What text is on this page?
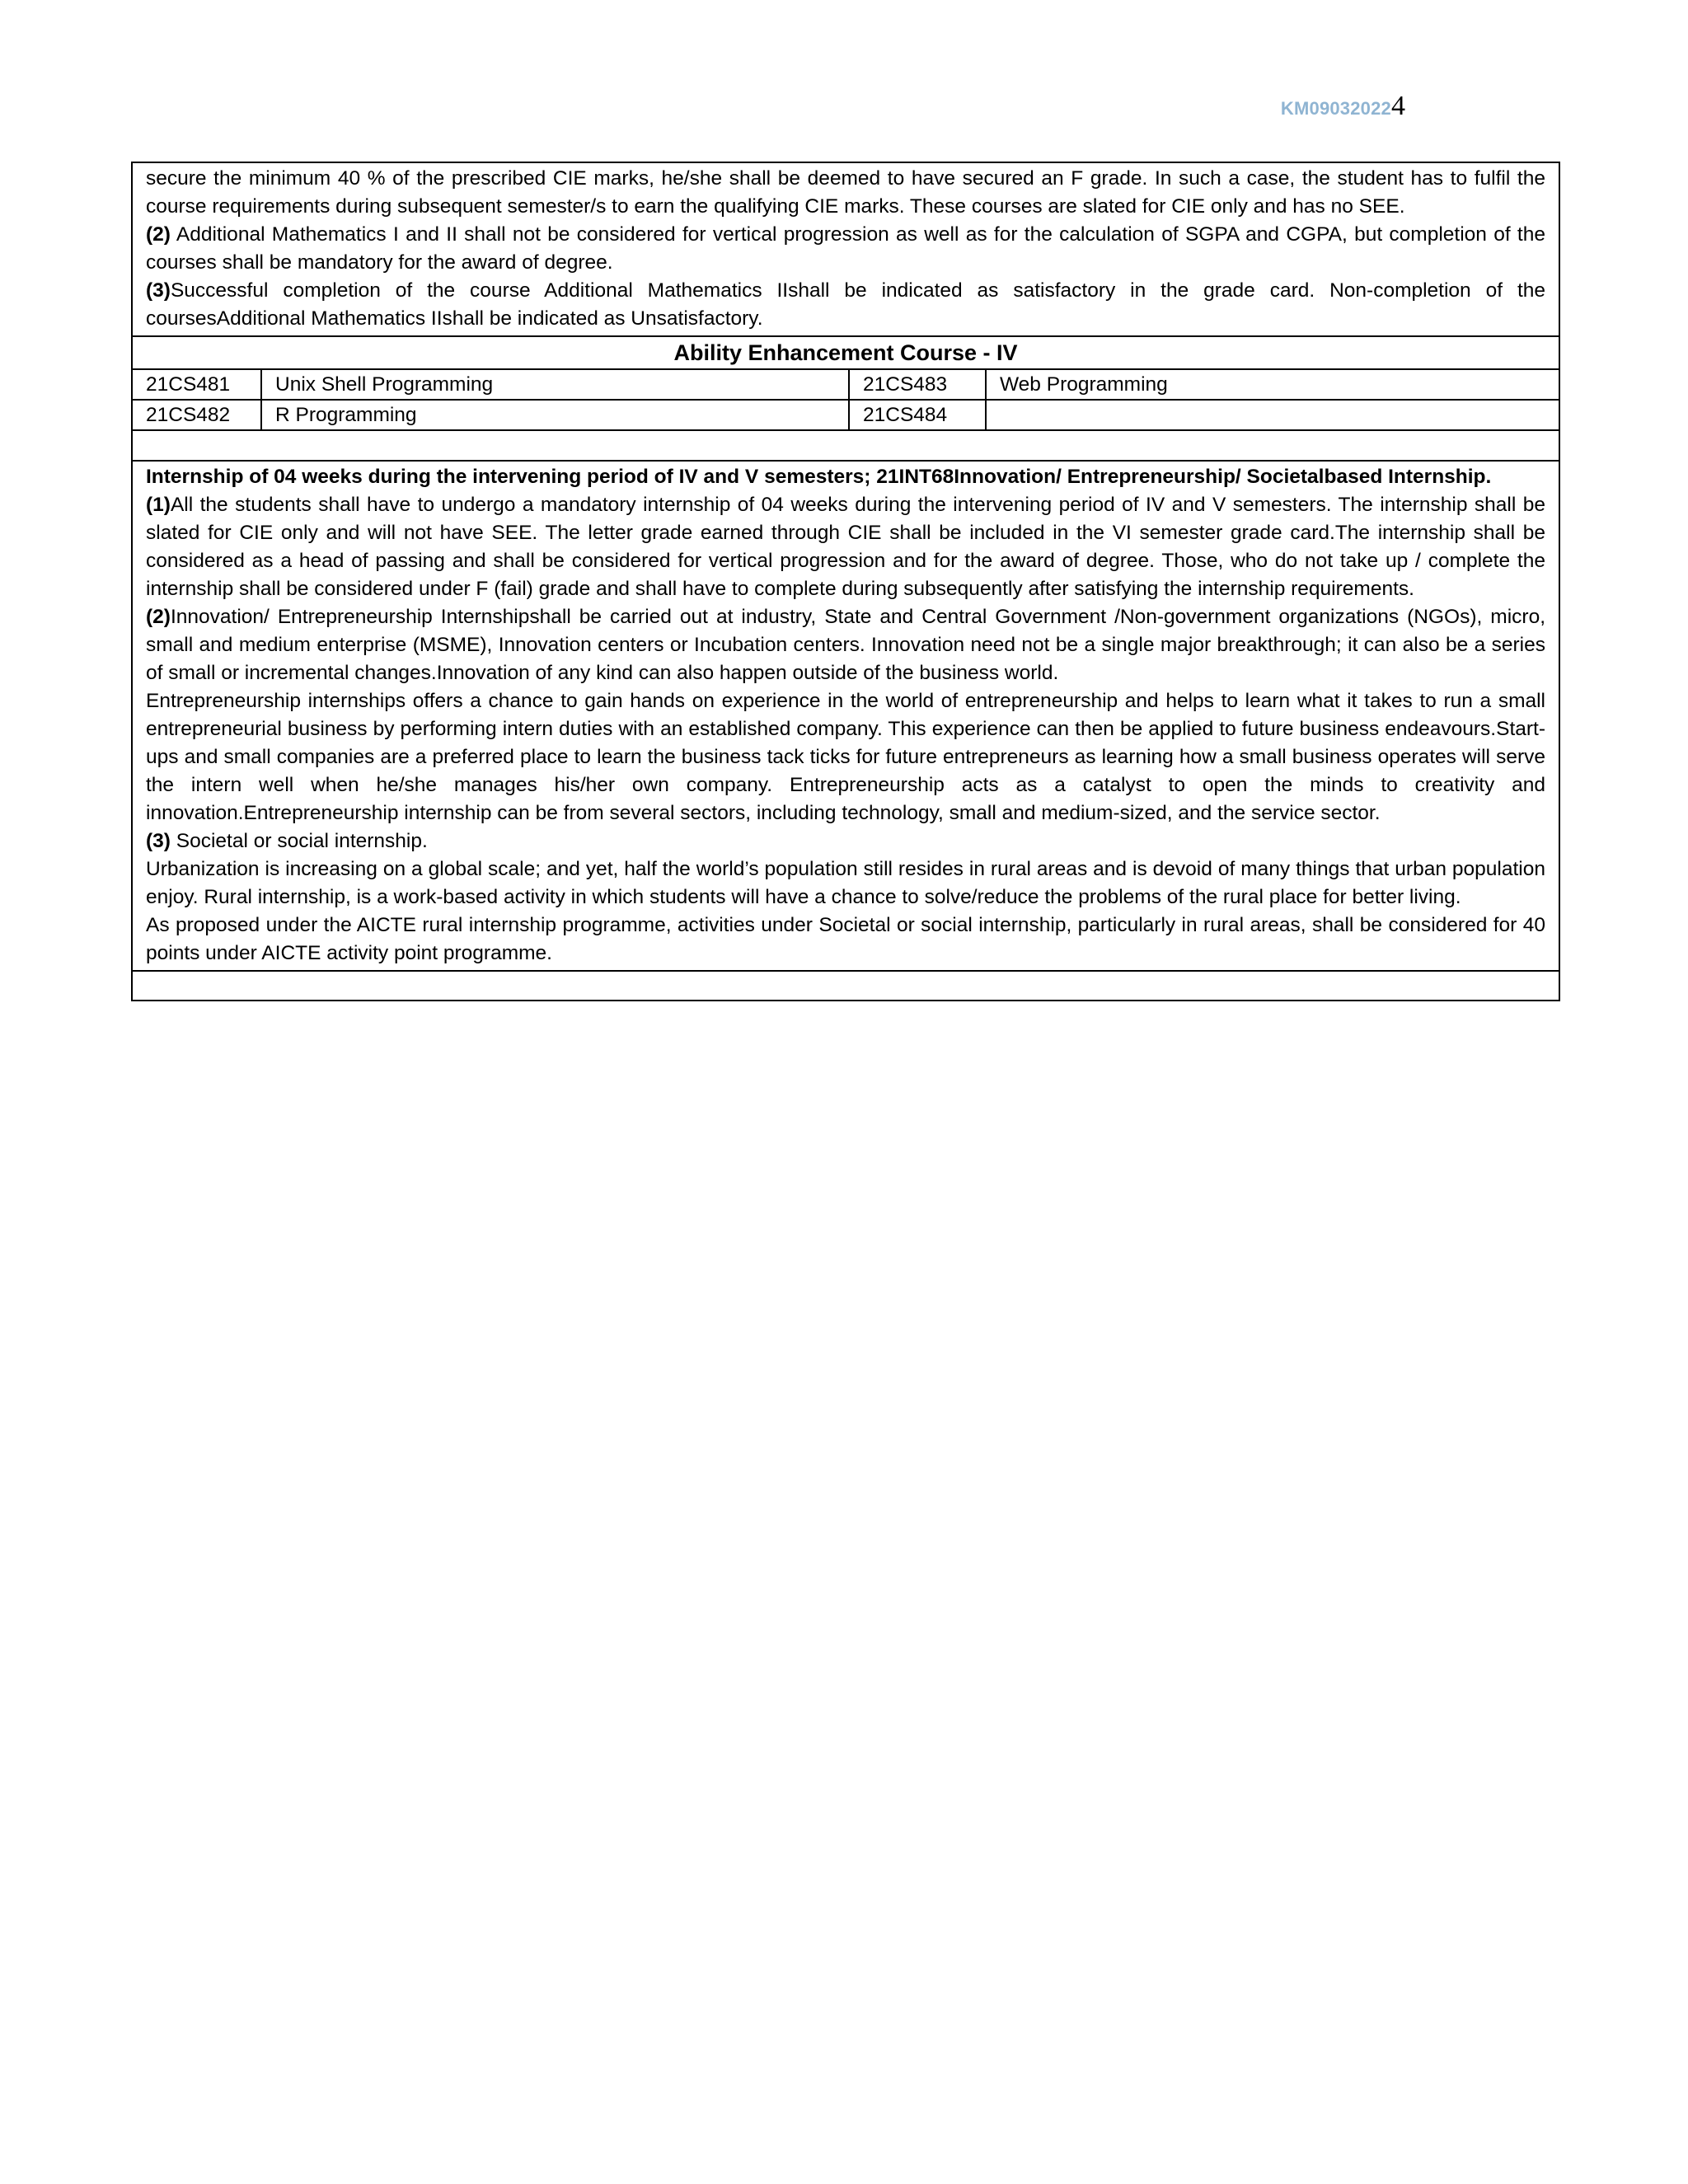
KM09032022 4

secure the minimum 40 % of the prescribed CIE marks, he/she shall be deemed to have secured an F grade. In such a case, the student has to fulfil the course requirements during subsequent semester/s to earn the qualifying CIE marks. These courses are slated for CIE only and has no SEE.

(2) Additional Mathematics I and II shall not be considered for vertical progression as well as for the calculation of SGPA and CGPA, but completion of the courses shall be mandatory for the award of degree.

(3)Successful completion of the course Additional Mathematics IIshall be indicated as satisfactory in the grade card. Non-completion of the coursesAdditional Mathematics IIshall be indicated as Unsatisfactory.

Ability Enhancement Course - IV
21CS481	Unix Shell Programming	21CS483	Web Programming
21CS482	R Programming	21CS484	

Internship of 04 weeks during the intervening period of IV and V semesters; 21INT68Innovation/ Entrepreneurship/ Societalbased Internship.

(1)All the students shall have to undergo a mandatory internship of 04 weeks during the intervening period of IV and V semesters. The internship shall be slated for CIE only and will not have SEE. The letter grade earned through CIE shall be included in the VI semester grade card.The internship shall be considered as a head of passing and shall be considered for vertical progression and for the award of degree. Those, who do not take up / complete the internship shall be considered under F (fail) grade and shall have to complete during subsequently after satisfying the internship requirements.

(2)Innovation/ Entrepreneurship Internshipshall be carried out at industry, State and Central Government /Non-government organizations (NGOs), micro, small and medium enterprise (MSME), Innovation centers or Incubation centers. Innovation need not be a single major breakthrough; it can also be a series of small or incremental changes.Innovation of any kind can also happen outside of the business world.

Entrepreneurship internships offers a chance to gain hands on experience in the world of entrepreneurship and helps to learn what it takes to run a small entrepreneurial business by performing intern duties with an established company. This experience can then be applied to future business endeavours.Start-ups and small companies are a preferred place to learn the business tack ticks for future entrepreneurs as learning how a small business operates will serve the intern well when he/she manages his/her own company. Entrepreneurship acts as a catalyst to open the minds to creativity and innovation.Entrepreneurship internship can be from several sectors, including technology, small and medium-sized, and the service sector.

(3) Societal or social internship.

Urbanization is increasing on a global scale; and yet, half the world’s population still resides in rural areas and is devoid of many things that urban population enjoy. Rural internship, is a work-based activity in which students will have a chance to solve/reduce the problems of the rural place for better living.

As proposed under the AICTE rural internship programme, activities under Societal or social internship, particularly in rural areas, shall be considered for 40 points under AICTE activity point programme.
